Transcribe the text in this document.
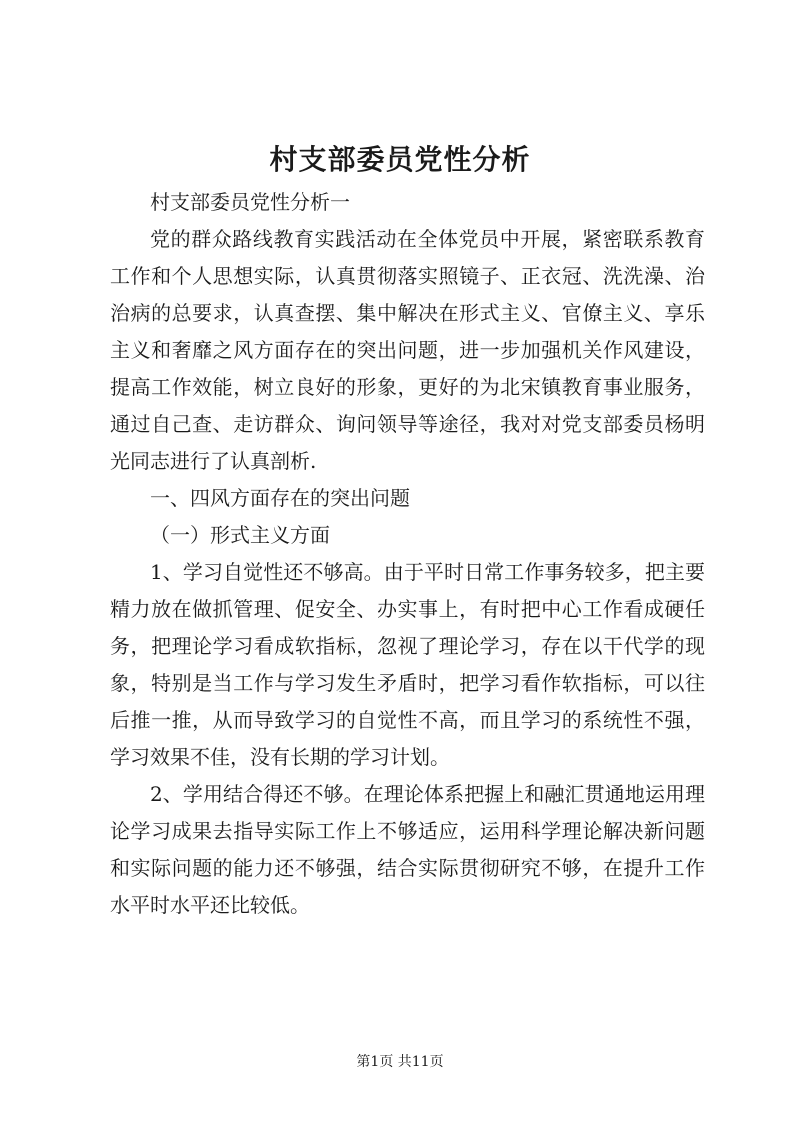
村支部委员党性分析

村支部委员党性分析一

党的群众路线教育实践活动在全体党员中开展，紧密联系教育工作和个人思想实际，认真贯彻落实照镜子、正衣冠、洗洗澡、治治病的总要求，认真查摆、集中解决在形式主义、官僚主义、享乐主义和奢靡之风方面存在的突出问题，进一步加强机关作风建设，提高工作效能，树立良好的形象，更好的为北宋镇教育事业服务，通过自己查、走访群众、询问领导等途径，我对对党支部委员杨明光同志进行了认真剖析.

一、四风方面存在的突出问题

（一）形式主义方面

1、学习自觉性还不够高。由于平时日常工作事务较多，把主要精力放在做抓管理、促安全、办实事上，有时把中心工作看成硬任务，把理论学习看成软指标，忽视了理论学习，存在以干代学的现象，特别是当工作与学习发生矛盾时，把学习看作软指标，可以往后推一推，从而导致学习的自觉性不高，而且学习的系统性不强，学习效果不佳，没有长期的学习计划。

2、学用结合得还不够。在理论体系把握上和融汇贯通地运用理论学习成果去指导实际工作上不够适应，运用科学理论解决新问题和实际问题的能力还不够强，结合实际贯彻研究不够，在提升工作水平时水平还比较低。

第1页 共11页
